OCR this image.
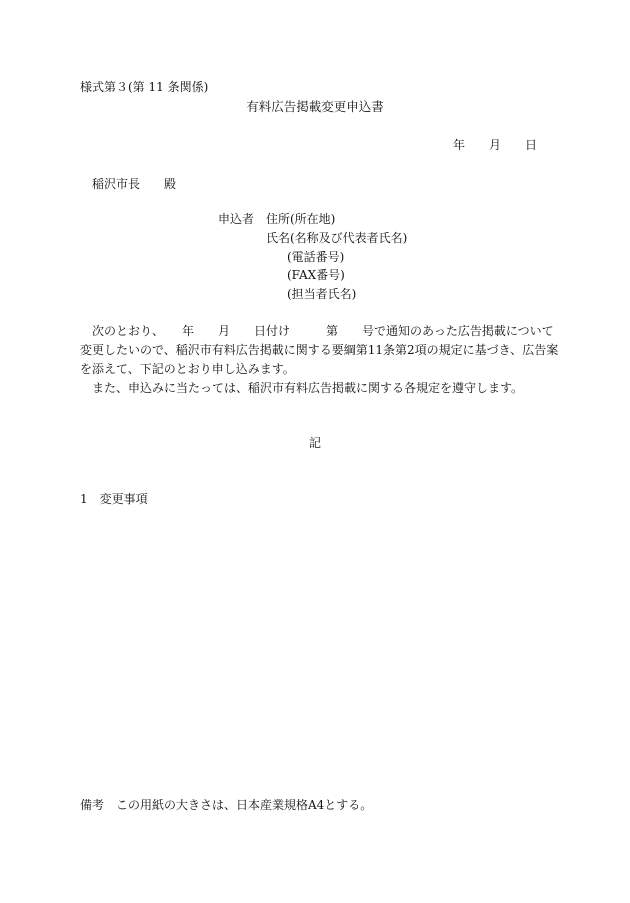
様式第３(第 11 条関係)

有料広告掲載変更申込書

年　　月　　日

稲沢市長　　殿

申込者 住所(所在地)

氏名(名称及び代表者氏名)

(電話番号)

(FAX番号)

(担当者氏名)

次のとおり、　　年　　月　　日付け　　　第　　号で通知のあった広告掲載について

変更したいので、稲沢市有料広告掲載に関する要綱第11条第2項の規定に基づき、広告案

を添えて、下記のとおり申し込みます。

また、申込みに当たっては、稲沢市有料広告掲載に関する各規定を遵守します。

記

1　変更事項

備考　この用紙の大きさは、日本産業規格A4とする。
